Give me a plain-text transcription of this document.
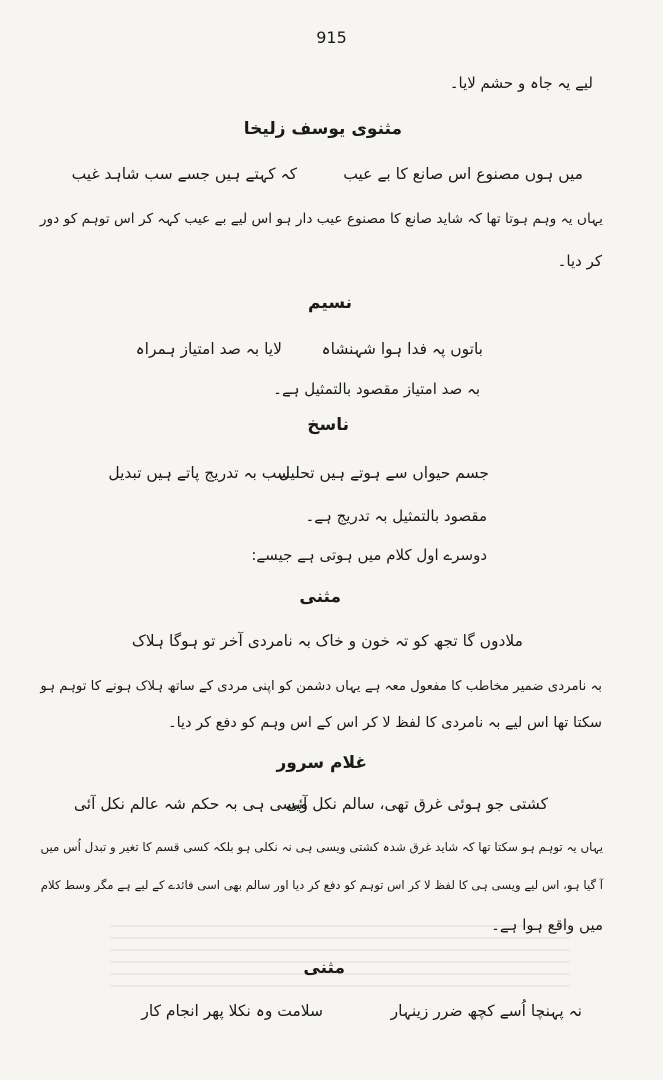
915
لیے یہ جاہ و حشم لایا۔
مثنوی یوسف زلیخا
میں ہوں مصنوع اس صانع کا بے عیب
کہ کہتے ہیں جسے سب شاہد غیب
یہاں یہ وہم ہوتا تھا کہ شاید صانع کا مصنوع عیب دار ہو اس لیے بے عیب کہہ کر اس توہم کو دور
کر دیا۔
نسیم
باتوں پہ فدا ہوا شہنشاہ
لایا بہ صد امتیاز ہمراہ
بہ صد امتیاز مقصود بالتمثیل ہے۔
ناسخ
جسم حیواں سے ہوتے ہیں تحلیل
سب بہ تدریج پاتے ہیں تبدیل
مقصود بالتمثیل بہ تدریج ہے۔
دوسرے اول کلام میں ہوتی ہے جیسے:
مثنی
ملادوں گا تجھ کو تہ خون و خاک
بہ نامردی آخر تو ہوگا ہلاک
بہ نامردی ضمیر مخاطب کا مفعول معہ ہے یہاں دشمن کو اپنی مردی کے ساتھ ہلاک ہونے کا توہم ہو
سکتا تھا اس لیے بہ نامردی کا لفظ لا کر اس کے اس وہم کو دفع کر دیا۔
غلام سرور
کشتی جو ہوئی غرق تھی، سالم نکل آئی
ویسی ہی بہ حکم شہ عالم نکل آئی
یہاں یہ توہم ہو سکتا تھا کہ شاید غرق شدہ کشتی ویسی ہی نہ نکلی ہو بلکہ کسی قسم کا تغیر و تبدل اُس میں
آ گیا ہو، اس لیے ویسی ہی کا لفظ لا کر اس توہم کو دفع کر دیا اور سالم بھی اسی فائدے کے لیے ہے مگر وسط کلام
میں واقع ہوا ہے۔
مثنی
نہ پہنچا اُسے کچھ ضرر زینہار
سلامت وہ نکلا پھر انجام کار
